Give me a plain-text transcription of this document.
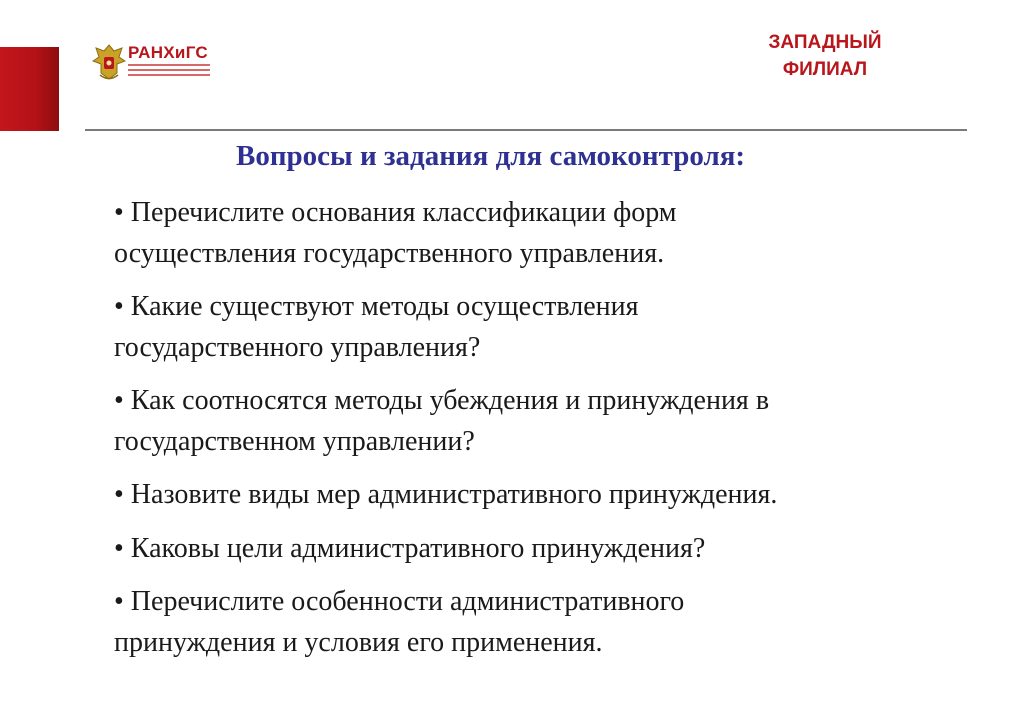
РАНХиГС	ЗАПАДНЫЙ
ФИЛИАЛ
Вопросы и задания для самоконтроля:
• Перечислите основания классификации форм
осуществления государственного управления.
• Какие существуют методы осуществления
государственного управления?
• Как соотносятся методы убеждения и принуждения в
государственном управлении?
• Назовите виды мер административного принуждения.
• Каковы цели административного принуждения?
• Перечислите особенности административного
принуждения и условия его применения.
